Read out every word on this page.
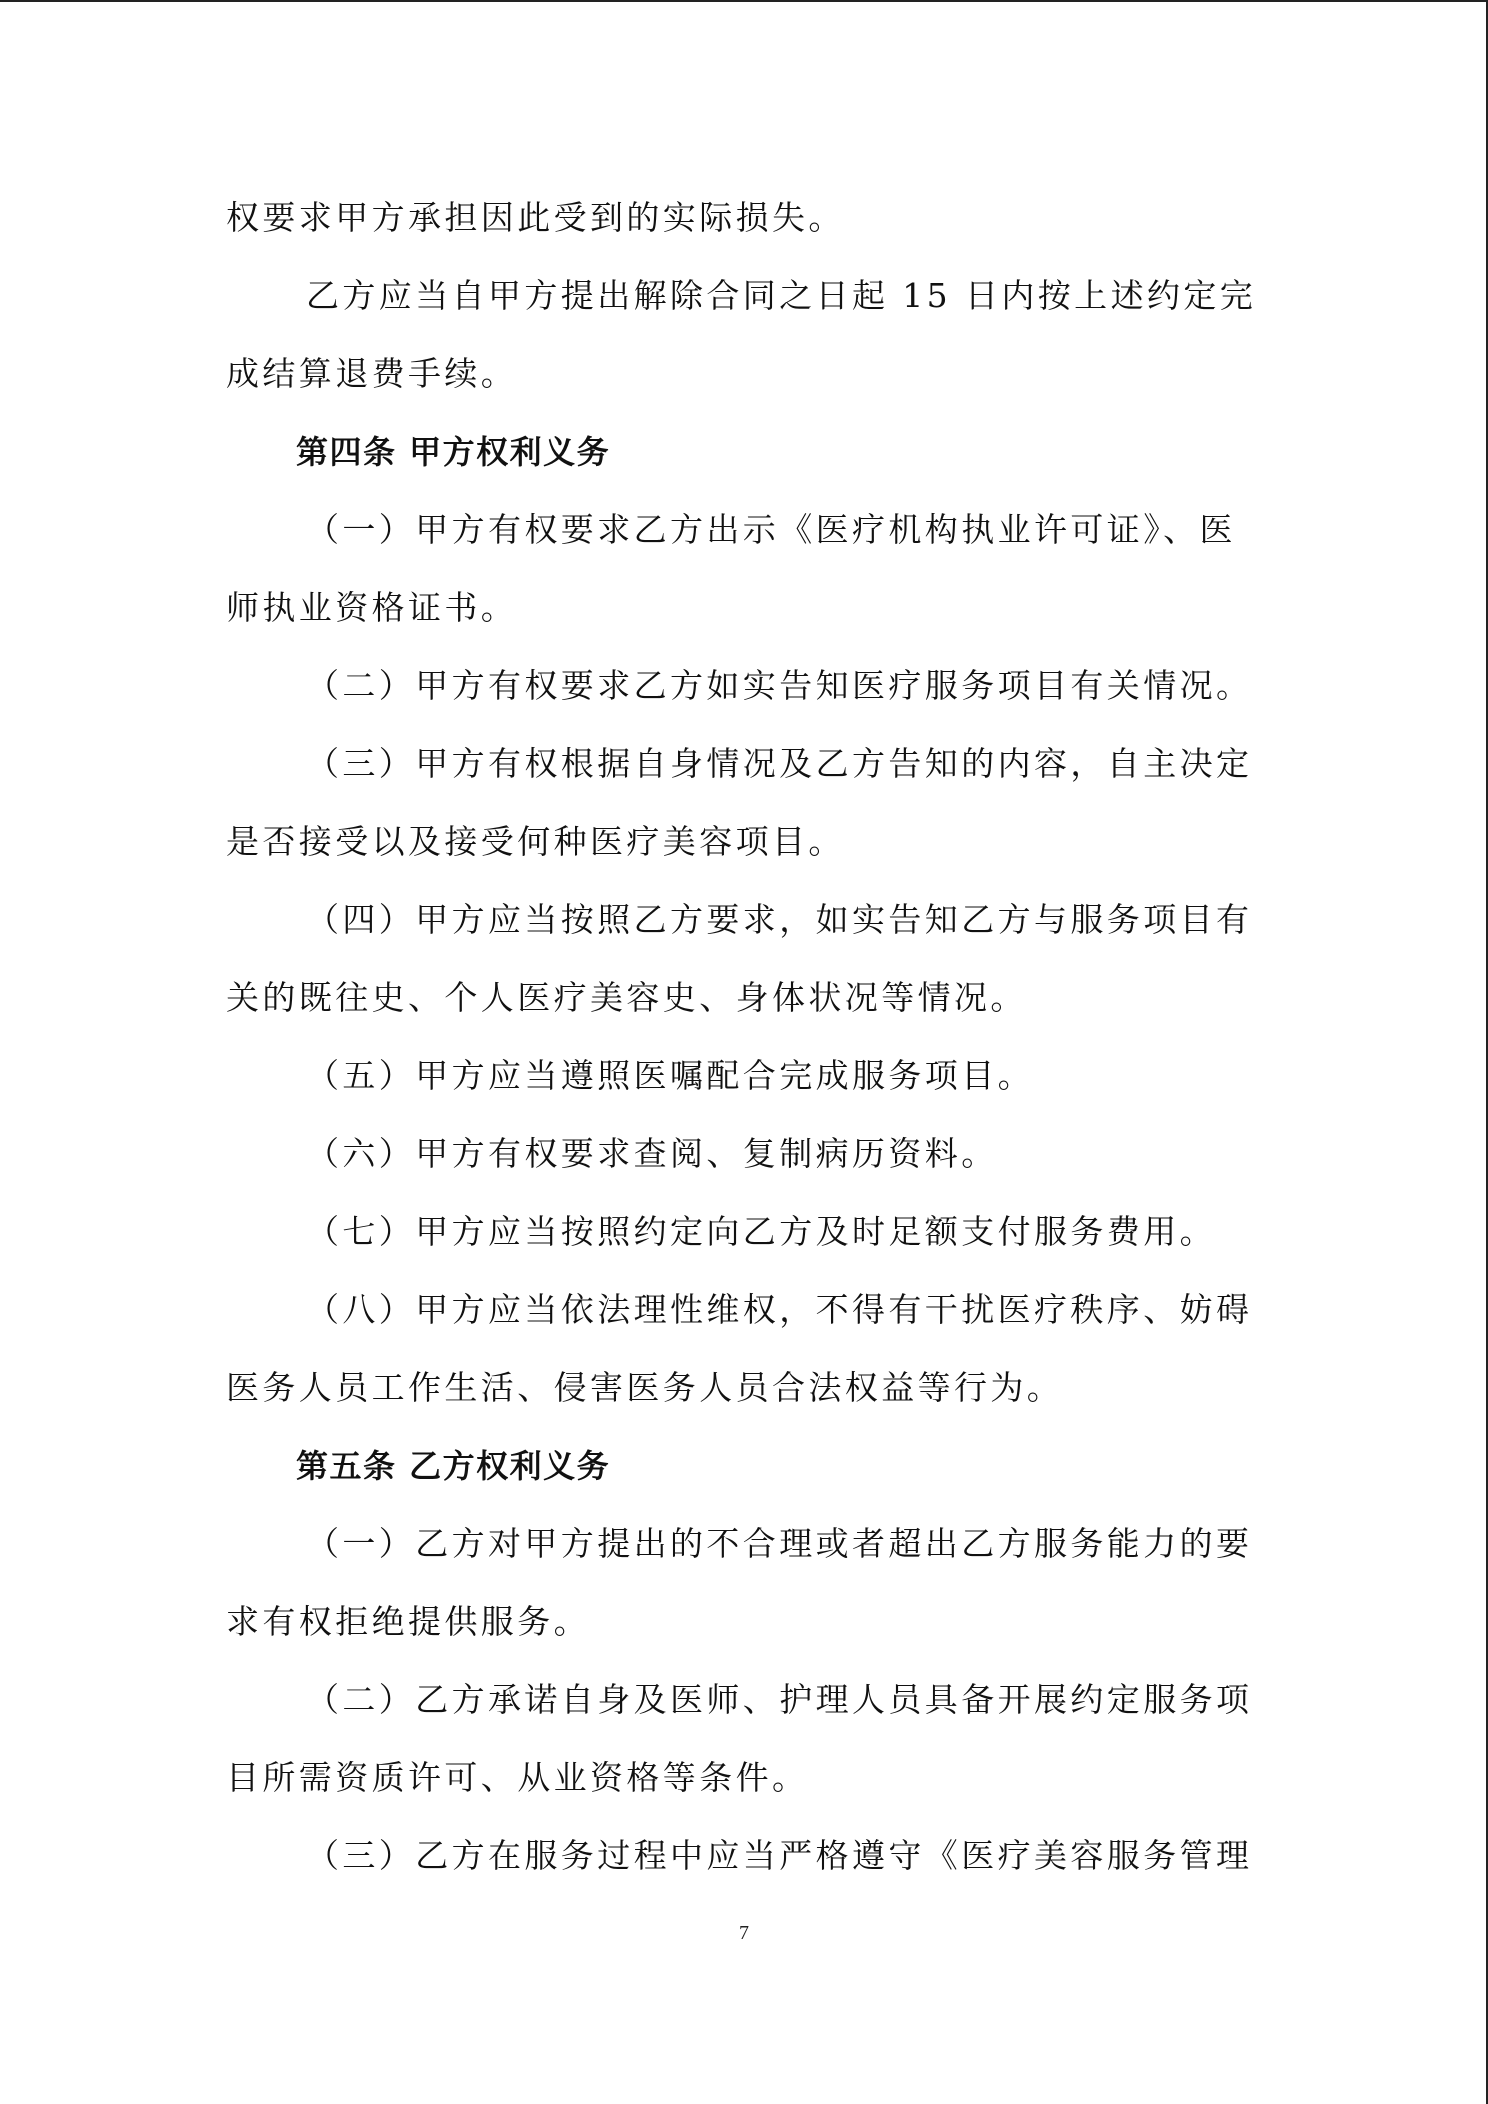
权要求甲方承担因此受到的实际损失。
乙方应当自甲方提出解除合同之日起 15 日内按上述约定完
成结算退费手续。
第四条 甲方权利义务
（一）甲方有权要求乙方出示《医疗机构执业许可证》、医
师执业资格证书。
（二）甲方有权要求乙方如实告知医疗服务项目有关情况。
（三）甲方有权根据自身情况及乙方告知的内容，自主决定
是否接受以及接受何种医疗美容项目。
（四）甲方应当按照乙方要求，如实告知乙方与服务项目有
关的既往史、个人医疗美容史、身体状况等情况。
（五）甲方应当遵照医嘱配合完成服务项目。
（六）甲方有权要求查阅、复制病历资料。
（七）甲方应当按照约定向乙方及时足额支付服务费用。
（八）甲方应当依法理性维权，不得有干扰医疗秩序、妨碍
医务人员工作生活、侵害医务人员合法权益等行为。
第五条 乙方权利义务
（一）乙方对甲方提出的不合理或者超出乙方服务能力的要
求有权拒绝提供服务。
（二）乙方承诺自身及医师、护理人员具备开展约定服务项
目所需资质许可、从业资格等条件。
（三）乙方在服务过程中应当严格遵守《医疗美容服务管理
7
